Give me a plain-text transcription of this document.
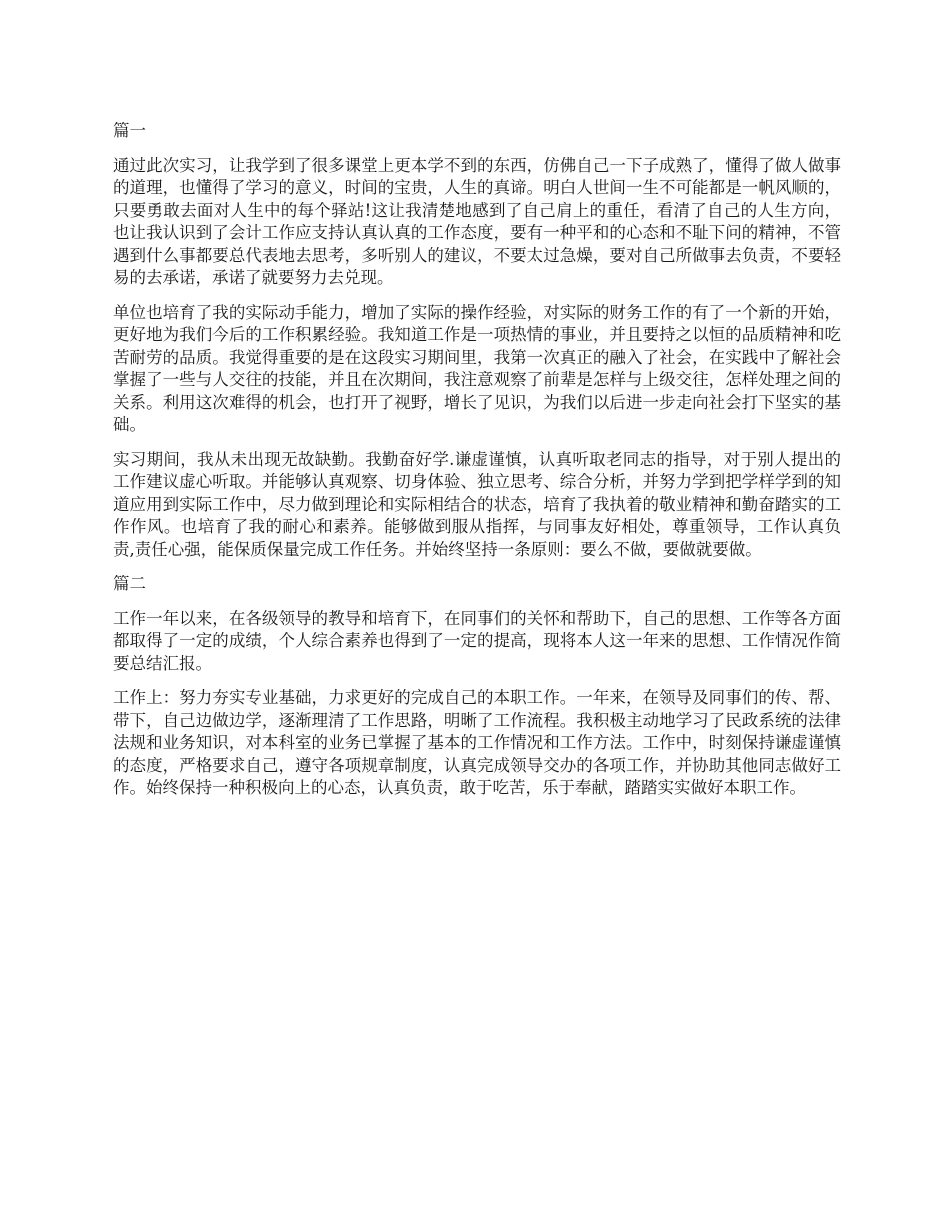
篇一

通过此次实习，让我学到了很多课堂上更本学不到的东西，仿佛自己一下子成熟了，懂得了做人做事的道理，也懂得了学习的意义，时间的宝贵，人生的真谛。明白人世间一生不可能都是一帆风顺的，只要勇敢去面对人生中的每个驿站!这让我清楚地感到了自己肩上的重任，看清了自己的人生方向，也让我认识到了会计工作应支持认真认真的工作态度，要有一种平和的心态和不耻下问的精神，不管遇到什么事都要总代表地去思考，多听别人的建议，不要太过急燥，要对自己所做事去负责，不要轻易的去承诺，承诺了就要努力去兑现。

单位也培育了我的实际动手能力，增加了实际的操作经验，对实际的财务工作的有了一个新的开始，更好地为我们今后的工作积累经验。我知道工作是一项热情的事业，并且要持之以恒的品质精神和吃苦耐劳的品质。我觉得重要的是在这段实习期间里，我第一次真正的融入了社会，在实践中了解社会掌握了一些与人交往的技能，并且在次期间，我注意观察了前辈是怎样与上级交往，怎样处理之间的关系。利用这次难得的机会，也打开了视野，增长了见识，为我们以后进一步走向社会打下坚实的基础。

实习期间，我从未出现无故缺勤。我勤奋好学.谦虚谨慎，认真听取老同志的指导，对于别人提出的工作建议虚心听取。并能够认真观察、切身体验、独立思考、综合分析，并努力学到把学样学到的知道应用到实际工作中，尽力做到理论和实际相结合的状态，培育了我执着的敬业精神和勤奋踏实的工作作风。也培育了我的耐心和素养。能够做到服从指挥，与同事友好相处，尊重领导，工作认真负责,责任心强，能保质保量完成工作任务。并始终坚持一条原则：要么不做，要做就要做。

篇二

工作一年以来，在各级领导的教导和培育下，在同事们的关怀和帮助下，自己的思想、工作等各方面都取得了一定的成绩，个人综合素养也得到了一定的提高，现将本人这一年来的思想、工作情况作简要总结汇报。

工作上：努力夯实专业基础，力求更好的完成自己的本职工作。一年来，在领导及同事们的传、帮、带下，自己边做边学，逐渐理清了工作思路，明晰了工作流程。我积极主动地学习了民政系统的法律法规和业务知识，对本科室的业务已掌握了基本的工作情况和工作方法。工作中，时刻保持谦虚谨慎的态度，严格要求自己，遵守各项规章制度，认真完成领导交办的各项工作，并协助其他同志做好工作。始终保持一种积极向上的心态，认真负责，敢于吃苦，乐于奉献，踏踏实实做好本职工作。
